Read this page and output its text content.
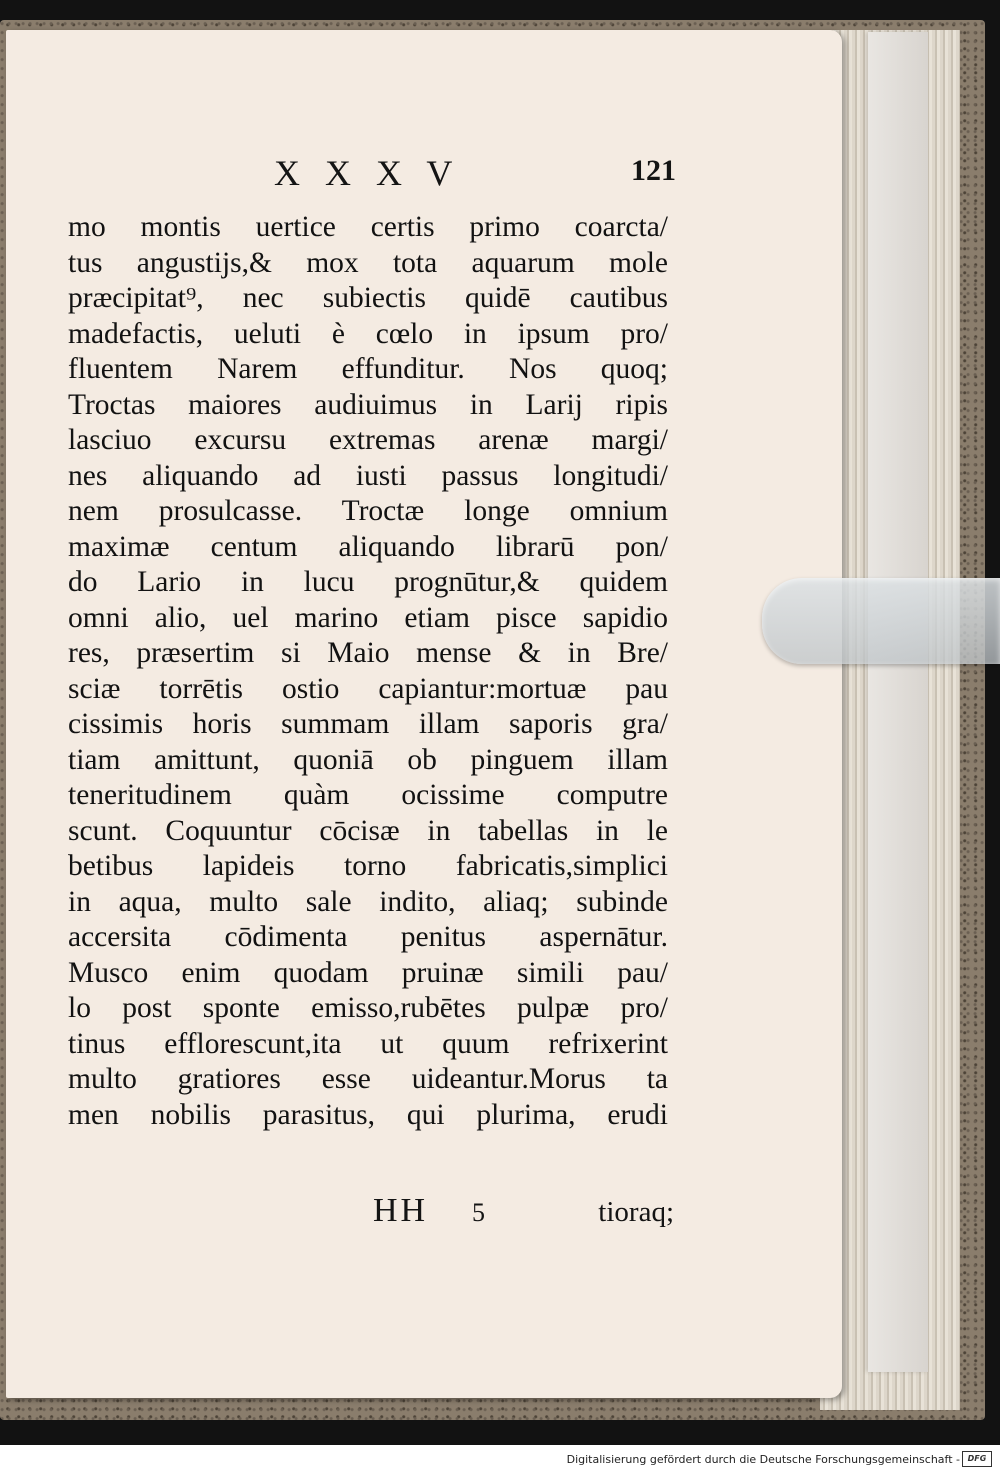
X X X V	121
mo montis uertice certis primo coarcta/
tus angustijs,& mox tota aquarum mole
præcipitat⁹, nec subiectis quidē cautibus
madefactis, ueluti è cœlo in ipsum pro/
fluentem Narem effunditur. Nos quoq;
Troctas maiores audiuimus in Larij ripis
lasciuo excursu extremas arenæ margi/
nes aliquando ad iusti passus longitudi/
nem prosulcasse. Troctæ longe omnium
maximæ centum aliquando librarū pon/
do Lario in lucu prognūtur,& quidem
omni alio, uel marino etiam pisce sapidio
res, præsertim si Maio mense & in Bre/
sciæ torrētis ostio capiantur:mortuæ pau
cissimis horis summam illam saporis gra/
tiam amittunt, quoniā ob pinguem illam
teneritudinem quàm ocissime computre
scunt. Coquuntur cōcisæ in tabellas in le
betibus lapideis torno fabricatis,simplici
in aqua, multo sale indito, aliaq; subinde
accersita cōdimenta penitus aspernātur.
Musco enim quodam pruinæ simili pau/
lo post sponte emisso,rubētes pulpæ pro/
tinus efflorescunt,ita ut quum refrixerint
multo gratiores esse uideantur.Morus ta
men nobilis parasitus, qui plurima, erudi
HH 5	tioraq;
Digitalisierung gefördert durch die Deutsche Forschungsgemeinschaft - DFG
